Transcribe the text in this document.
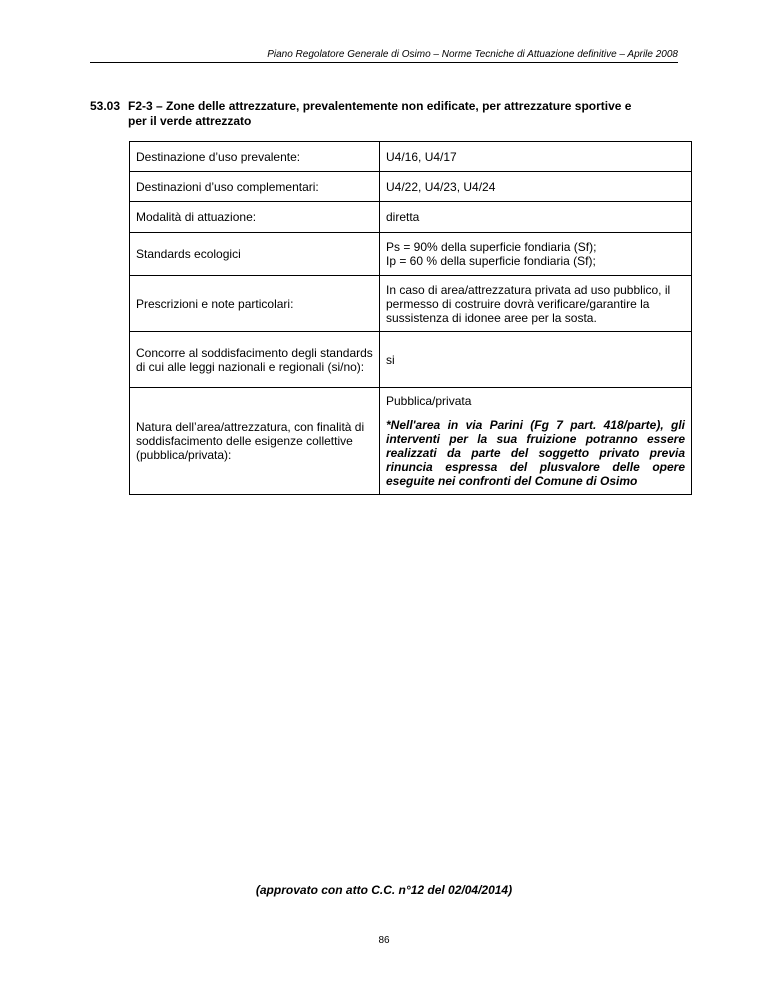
Piano Regolatore Generale di Osimo – Norme Tecniche di Attuazione definitive – Aprile 2008
53.03 F2-3 – Zone delle attrezzature, prevalentemente non edificate, per attrezzature sportive e
per il verde attrezzato
Destinazione d’uso prevalente:	U4/16, U4/17
Destinazioni d’uso complementari:	U4/22, U4/23, U4/24
Modalità di attuazione:	diretta
Standards ecologici	Ps = 90% della superficie fondiaria (Sf);
Ip = 60 % della superficie fondiaria (Sf);

Prescrizioni e note particolari:	In caso di area/attrezzatura privata ad uso pubblico, il permesso di costruire dovrà verificare/garantire la sussistenza di idonee aree per la sosta.
Concorre al soddisfacimento degli standards di cui alle leggi nazionali e regionali (si/no):	si
Natura dell’area/attrezzatura, con finalità di soddisfacimento delle esigenze collettive (pubblica/privata):	Pubblica/privata
*Nell'area in via Parini (Fg 7 part. 418/parte), gli interventi per la sua fruizione potranno essere realizzati da parte del soggetto privato previa rinuncia espressa del plusvalore delle opere eseguite nei confronti del Comune di Osimo
(approvato con atto C.C. n°12 del 02/04/2014)
86
